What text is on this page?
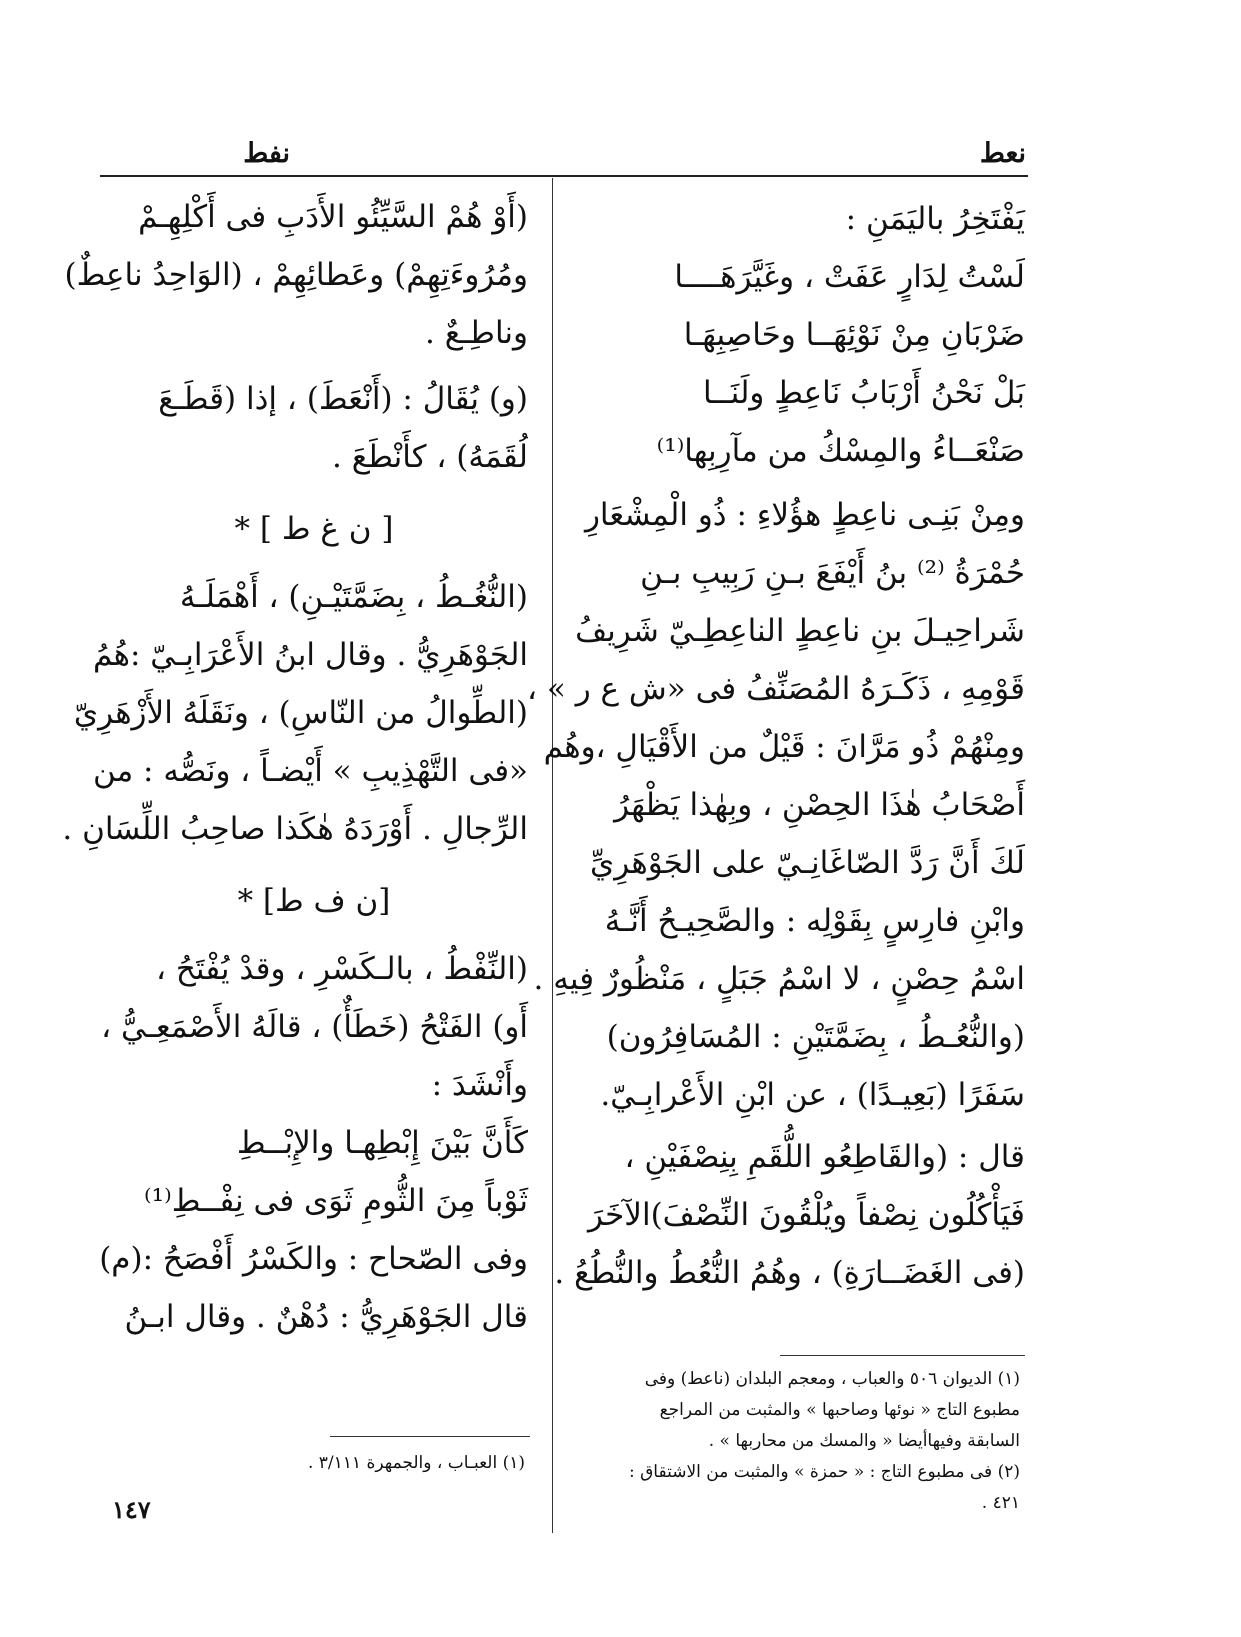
نعط
نفط
يَفْتَخِرُ باليَمَنِ :
لَسْتُ لِدَارٍ عَفَتْ ، وغَيَّرَهَــــا
ضَرْبَانِ مِنْ نَوْئِهَــا وحَاصِبِهَـا
بَلْ نَحْنُ أَرْبَابُ نَاعِطٍ ولَنَــا
صَنْعَــاءُ والمِسْكُ من مآرِبِها⁽¹⁾
ومِنْ بَنِـى ناعِطٍ هؤُلاءِ : ذُو الْمِشْعَارِ
حُمْرَةُ ⁽²⁾ بنُ أَيْفَعَ بـنِ رَبِيبِ بـنِ
شَراحِيـلَ بنِ ناعِطٍ الناعِطِـيّ شَرِيفُ
قَوْمِهِ ، ذَكَـرَهُ المُصَنِّفُ فى «ش ع ر » ،
ومِنْهُمْ ذُو مَرَّانَ : قَيْلٌ من الأَقْيَالِ ،وهُم
أَصْحَابُ هٰذَا الحِصْنِ ، وبِهٰذا يَظْهَرُ
لَكَ أَنَّ رَدَّ الصّاغَانِـيّ على الجَوْهَرِيِّ
وابْنِ فارِسٍ بِقَوْلِه : والصَّحِيـحُ أَنَّـهُ
اسْمُ حِصْنٍ ، لا اسْمُ جَبَلٍ ، مَنْظُورٌ فِيهِ .
(والنُّعُـطُ ، بِضَمَّتَيْنِ : المُسَافِرُون)
سَفَرًا (بَعِيـدًا) ، عن ابْنِ الأَعْرابِـيّ.
قال : (والقَاطِعُو اللُّقَمِ بِنِصْفَيْنِ ،
فَيَأْكُلُون نِصْفاً ويُلْقُونَ النِّصْفَ)الآخَرَ
(فى الغَضَــارَةِ) ، وهُمُ النُّعُطُ والنُّطُعُ .
(أَوْ هُمْ السَّيِّئُو الأَدَبِ فى أَكْلِهِـمْ
ومُرُوءَتِهِمْ) وعَطائِهِمْ ، (الوَاحِدُ ناعِطٌ)
وناطِـعٌ .
(و) يُقَالُ : (أَنْعَطَ) ، إذا (قَطَـعَ
لُقَمَهُ) ، كأَنْطَعَ .
[ ن غ ط ] *
(النُّغُـطُ ، بِضَمَّتَيْـنِ) ، أَهْمَلَـهُ
الجَوْهَرِيُّ . وقال ابنُ الأَعْرَابِـيّ :هُمُ
(الطِّوالُ من النّاسِ) ، ونَقَلَهُ الأَزْهَرِيّ
«فى التَّهْذِيبِ » أَيْضـاً ، ونَصُّه : من
الرِّجالِ . أَوْرَدَهُ هٰكَذا صاحِبُ اللِّسَانِ .
[ن ف ط] *
(النِّفْطُ ، بالـكَسْرِ ، وقدْ يُفْتَحُ ،
أَو) الفَتْحُ (خَطَأٌ) ، قالَهُ الأَصْمَعِـيُّ ،
وأَنْشَدَ :
كَأَنَّ بَيْنَ إِبْطِهـا والإِبْــطِ
ثَوْباً مِنَ الثُّومِ ثَوَى فى نِفْــطِ⁽¹⁾
وفى الصّحاح : والكَسْرُ أَفْصَحُ :(م)
قال الجَوْهَرِيُّ : دُهْنٌ . وقال ابـنُ
(١) الديوان ٥٠٦ والعباب ، ومعجم البلدان (ناعط) وفى
مطبوع التاج « نوئها وصاحبها » والمثبت من المراجع
السابقة وفيهاأيضا « والمسك من محاربها » .
(٢) فى مطبوع التاج : « حمزة » والمثبت من الاشتقاق :
٤٢١ .
(١) العبـاب ، والجمهرة ٣/١١١ .
١٤٧
